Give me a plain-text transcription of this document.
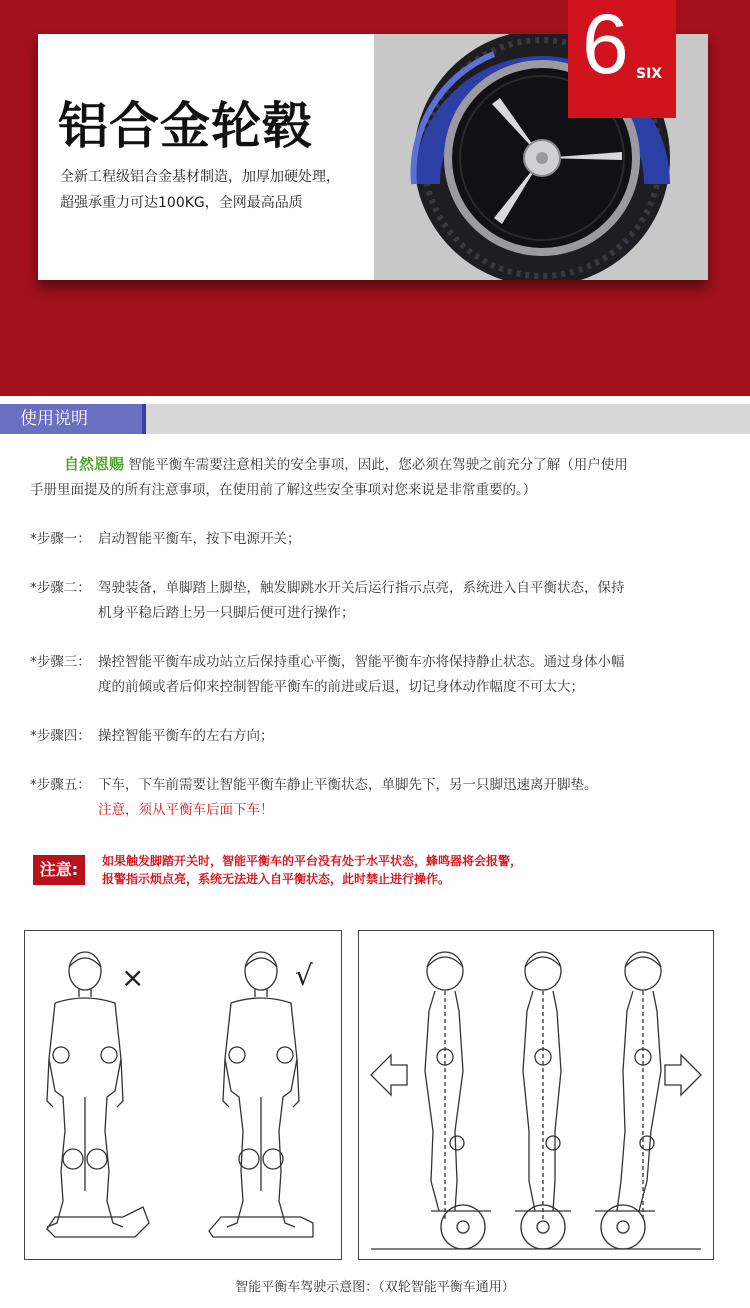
铝合金轮毂
全新工程级铝合金基材制造，加厚加硬处理，
超强承重力可达100KG，全网最高品质
6 SIX
使用说明
自然恩赐 智能平衡车需要注意相关的安全事项，因此，您必须在驾驶之前充分了解（用户使用
手册里面提及的所有注意事项，在使用前了解这些安全事项对您来说是非常重要的。）
*步骤一： 启动智能平衡车，按下电源开关；
*步骤二： 驾驶装备，单脚踏上脚垫，触发脚跳水开关后运行指示点亮，系统进入自平衡状态，保持
机身平稳后踏上另一只脚后便可进行操作；
*步骤三： 操控智能平衡车成功站立后保持重心平衡，智能平衡车亦将保持静止状态。通过身体小幅
度的前倾或者后仰来控制智能平衡车的前进或后退，切记身体动作幅度不可太大；
*步骤四： 操控智能平衡车的左右方向；
*步骤五： 下车，下车前需要让智能平衡车静止平衡状态，单脚先下，另一只脚迅速离开脚垫。
注意，须从平衡车后面下车！
注意:	如果触发脚踏开关时，智能平衡车的平台没有处于水平状态，蜂鸣器将会报警，
报警指示烦点亮，系统无法进入自平衡状态，此时禁止进行操作。
×	√
智能平衡车驾驶示意图：（双轮智能平衡车通用）
